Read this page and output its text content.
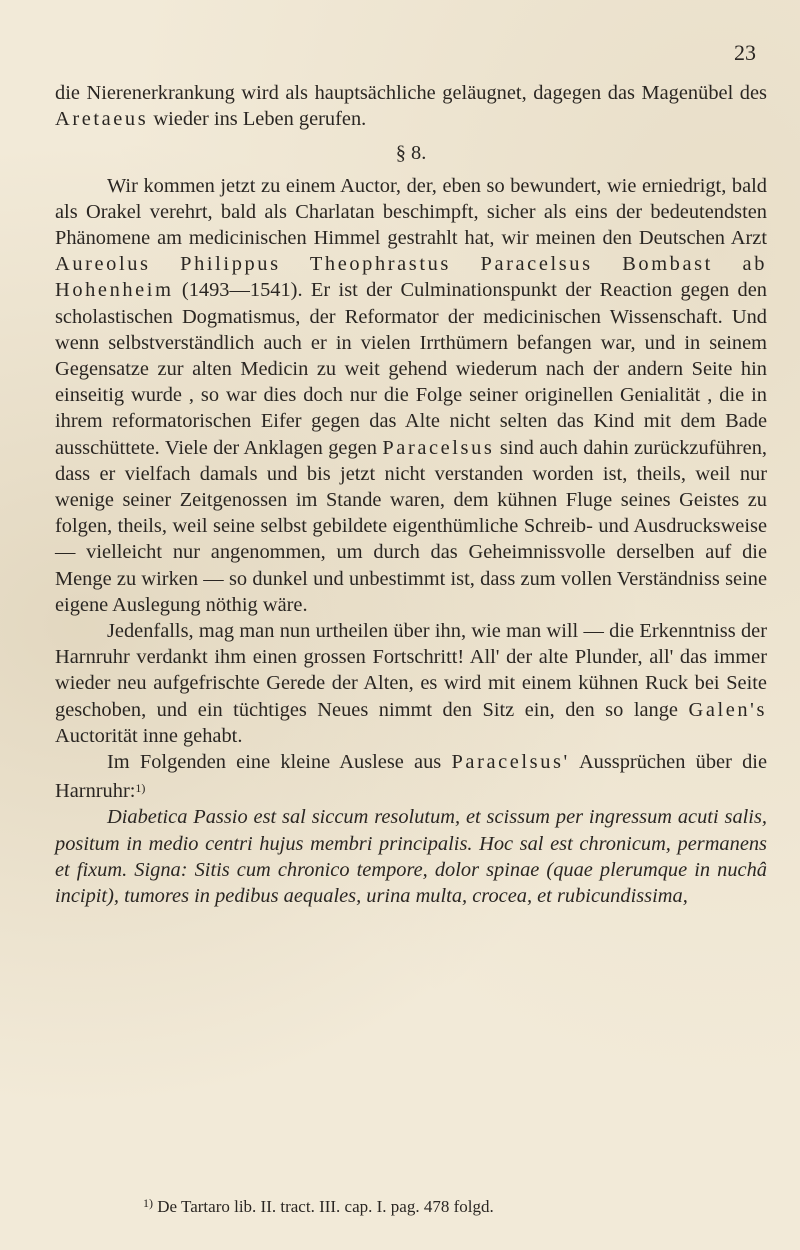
23

die Nierenerkrankung wird als hauptsächliche geläugnet, dagegen das Magenübel des Aretaeus wieder ins Leben gerufen.

§ 8.

Wir kommen jetzt zu einem Auctor, der, eben so bewundert, wie erniedrigt, bald als Orakel verehrt, bald als Charlatan beschimpft, sicher als eins der bedeutendsten Phänomene am medicinischen Himmel gestrahlt hat, wir meinen den Deutschen Arzt Aureolus Philippus Theophrastus Paracelsus Bombast ab Hohenheim (1493—1541). Er ist der Culminationspunkt der Reaction gegen den scholastischen Dogmatismus, der Reformator der medicinischen Wissenschaft. Und wenn selbstverständlich auch er in vielen Irrthümern befangen war, und in seinem Gegensatze zur alten Medicin zu weit gehend wiederum nach der andern Seite hin einseitig wurde , so war dies doch nur die Folge seiner originellen Genialität , die in ihrem reformatorischen Eifer gegen das Alte nicht selten das Kind mit dem Bade ausschüttete. Viele der Anklagen gegen Paracelsus sind auch dahin zurückzuführen, dass er vielfach damals und bis jetzt nicht verstanden worden ist, theils, weil nur wenige seiner Zeitgenossen im Stande waren, dem kühnen Fluge seines Geistes zu folgen, theils, weil seine selbst gebildete eigenthümliche Schreib- und Ausdrucksweise — vielleicht nur angenommen, um durch das Geheimnissvolle derselben auf die Menge zu wirken — so dunkel und unbestimmt ist, dass zum vollen Verständniss seine eigene Auslegung nöthig wäre.

Jedenfalls, mag man nun urtheilen über ihn, wie man will — die Erkenntniss der Harnruhr verdankt ihm einen grossen Fortschritt! All' der alte Plunder, all' das immer wieder neu aufgefrischte Gerede der Alten, es wird mit einem kühnen Ruck bei Seite geschoben, und ein tüchtiges Neues nimmt den Sitz ein, den so lange Galen's Auctorität inne gehabt.

Im Folgenden eine kleine Auslese aus Paracelsus' Aussprüchen über die Harnruhr:$^{1)}$

Diabetica Passio est sal siccum resolutum, et scissum per ingressum acuti salis, positum in medio centri hujus membri principalis. Hoc sal est chronicum, permanens et fixum. Signa: Sitis cum chronico tempore, dolor spinae (quae plerumque in nuchâ incipit), tumores in pedibus aequales, urina multa, crocea, et rubicundissima,

$^{1)}$ De Tartaro lib. II. tract. III. cap. I. pag. 478 folgd.
